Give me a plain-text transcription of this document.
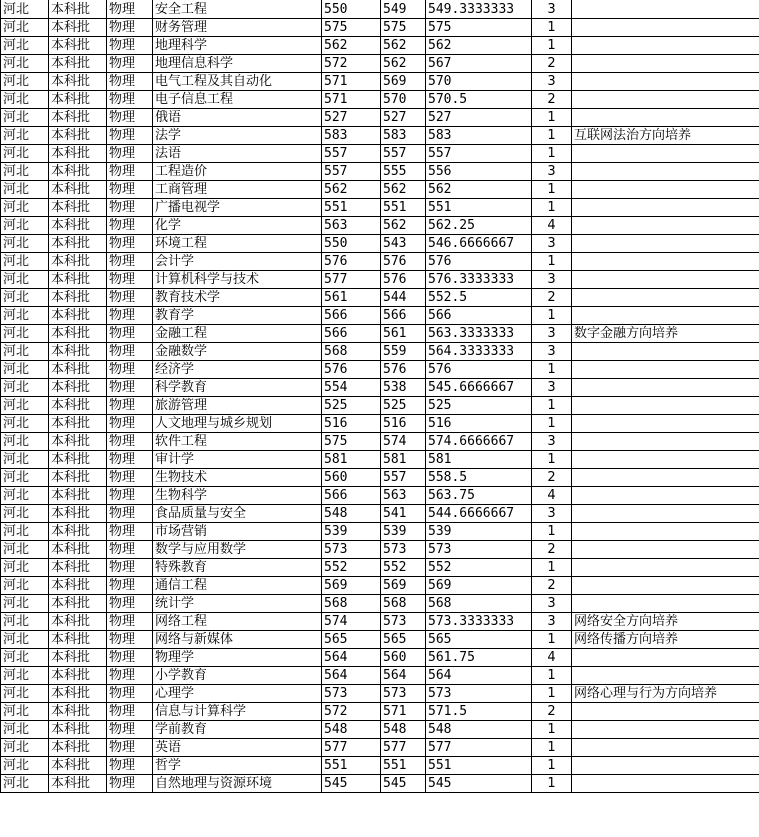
河北	本科批	物理	安全工程	550	549	549.3333333	3	
河北	本科批	物理	财务管理	575	575	575	1	
河北	本科批	物理	地理科学	562	562	562	1	
河北	本科批	物理	地理信息科学	572	562	567	2	
河北	本科批	物理	电气工程及其自动化	571	569	570	3	
河北	本科批	物理	电子信息工程	571	570	570.5	2	
河北	本科批	物理	俄语	527	527	527	1	
河北	本科批	物理	法学	583	583	583	1	互联网法治方向培养
河北	本科批	物理	法语	557	557	557	1	
河北	本科批	物理	工程造价	557	555	556	3	
河北	本科批	物理	工商管理	562	562	562	1	
河北	本科批	物理	广播电视学	551	551	551	1	
河北	本科批	物理	化学	563	562	562.25	4	
河北	本科批	物理	环境工程	550	543	546.6666667	3	
河北	本科批	物理	会计学	576	576	576	1	
河北	本科批	物理	计算机科学与技术	577	576	576.3333333	3	
河北	本科批	物理	教育技术学	561	544	552.5	2	
河北	本科批	物理	教育学	566	566	566	1	
河北	本科批	物理	金融工程	566	561	563.3333333	3	数字金融方向培养
河北	本科批	物理	金融数学	568	559	564.3333333	3	
河北	本科批	物理	经济学	576	576	576	1	
河北	本科批	物理	科学教育	554	538	545.6666667	3	
河北	本科批	物理	旅游管理	525	525	525	1	
河北	本科批	物理	人文地理与城乡规划	516	516	516	1	
河北	本科批	物理	软件工程	575	574	574.6666667	3	
河北	本科批	物理	审计学	581	581	581	1	
河北	本科批	物理	生物技术	560	557	558.5	2	
河北	本科批	物理	生物科学	566	563	563.75	4	
河北	本科批	物理	食品质量与安全	548	541	544.6666667	3	
河北	本科批	物理	市场营销	539	539	539	1	
河北	本科批	物理	数学与应用数学	573	573	573	2	
河北	本科批	物理	特殊教育	552	552	552	1	
河北	本科批	物理	通信工程	569	569	569	2	
河北	本科批	物理	统计学	568	568	568	3	
河北	本科批	物理	网络工程	574	573	573.3333333	3	网络安全方向培养
河北	本科批	物理	网络与新媒体	565	565	565	1	网络传播方向培养
河北	本科批	物理	物理学	564	560	561.75	4	
河北	本科批	物理	小学教育	564	564	564	1	
河北	本科批	物理	心理学	573	573	573	1	网络心理与行为方向培养
河北	本科批	物理	信息与计算科学	572	571	571.5	2	
河北	本科批	物理	学前教育	548	548	548	1	
河北	本科批	物理	英语	577	577	577	1	
河北	本科批	物理	哲学	551	551	551	1	
河北	本科批	物理	自然地理与资源环境	545	545	545	1	
